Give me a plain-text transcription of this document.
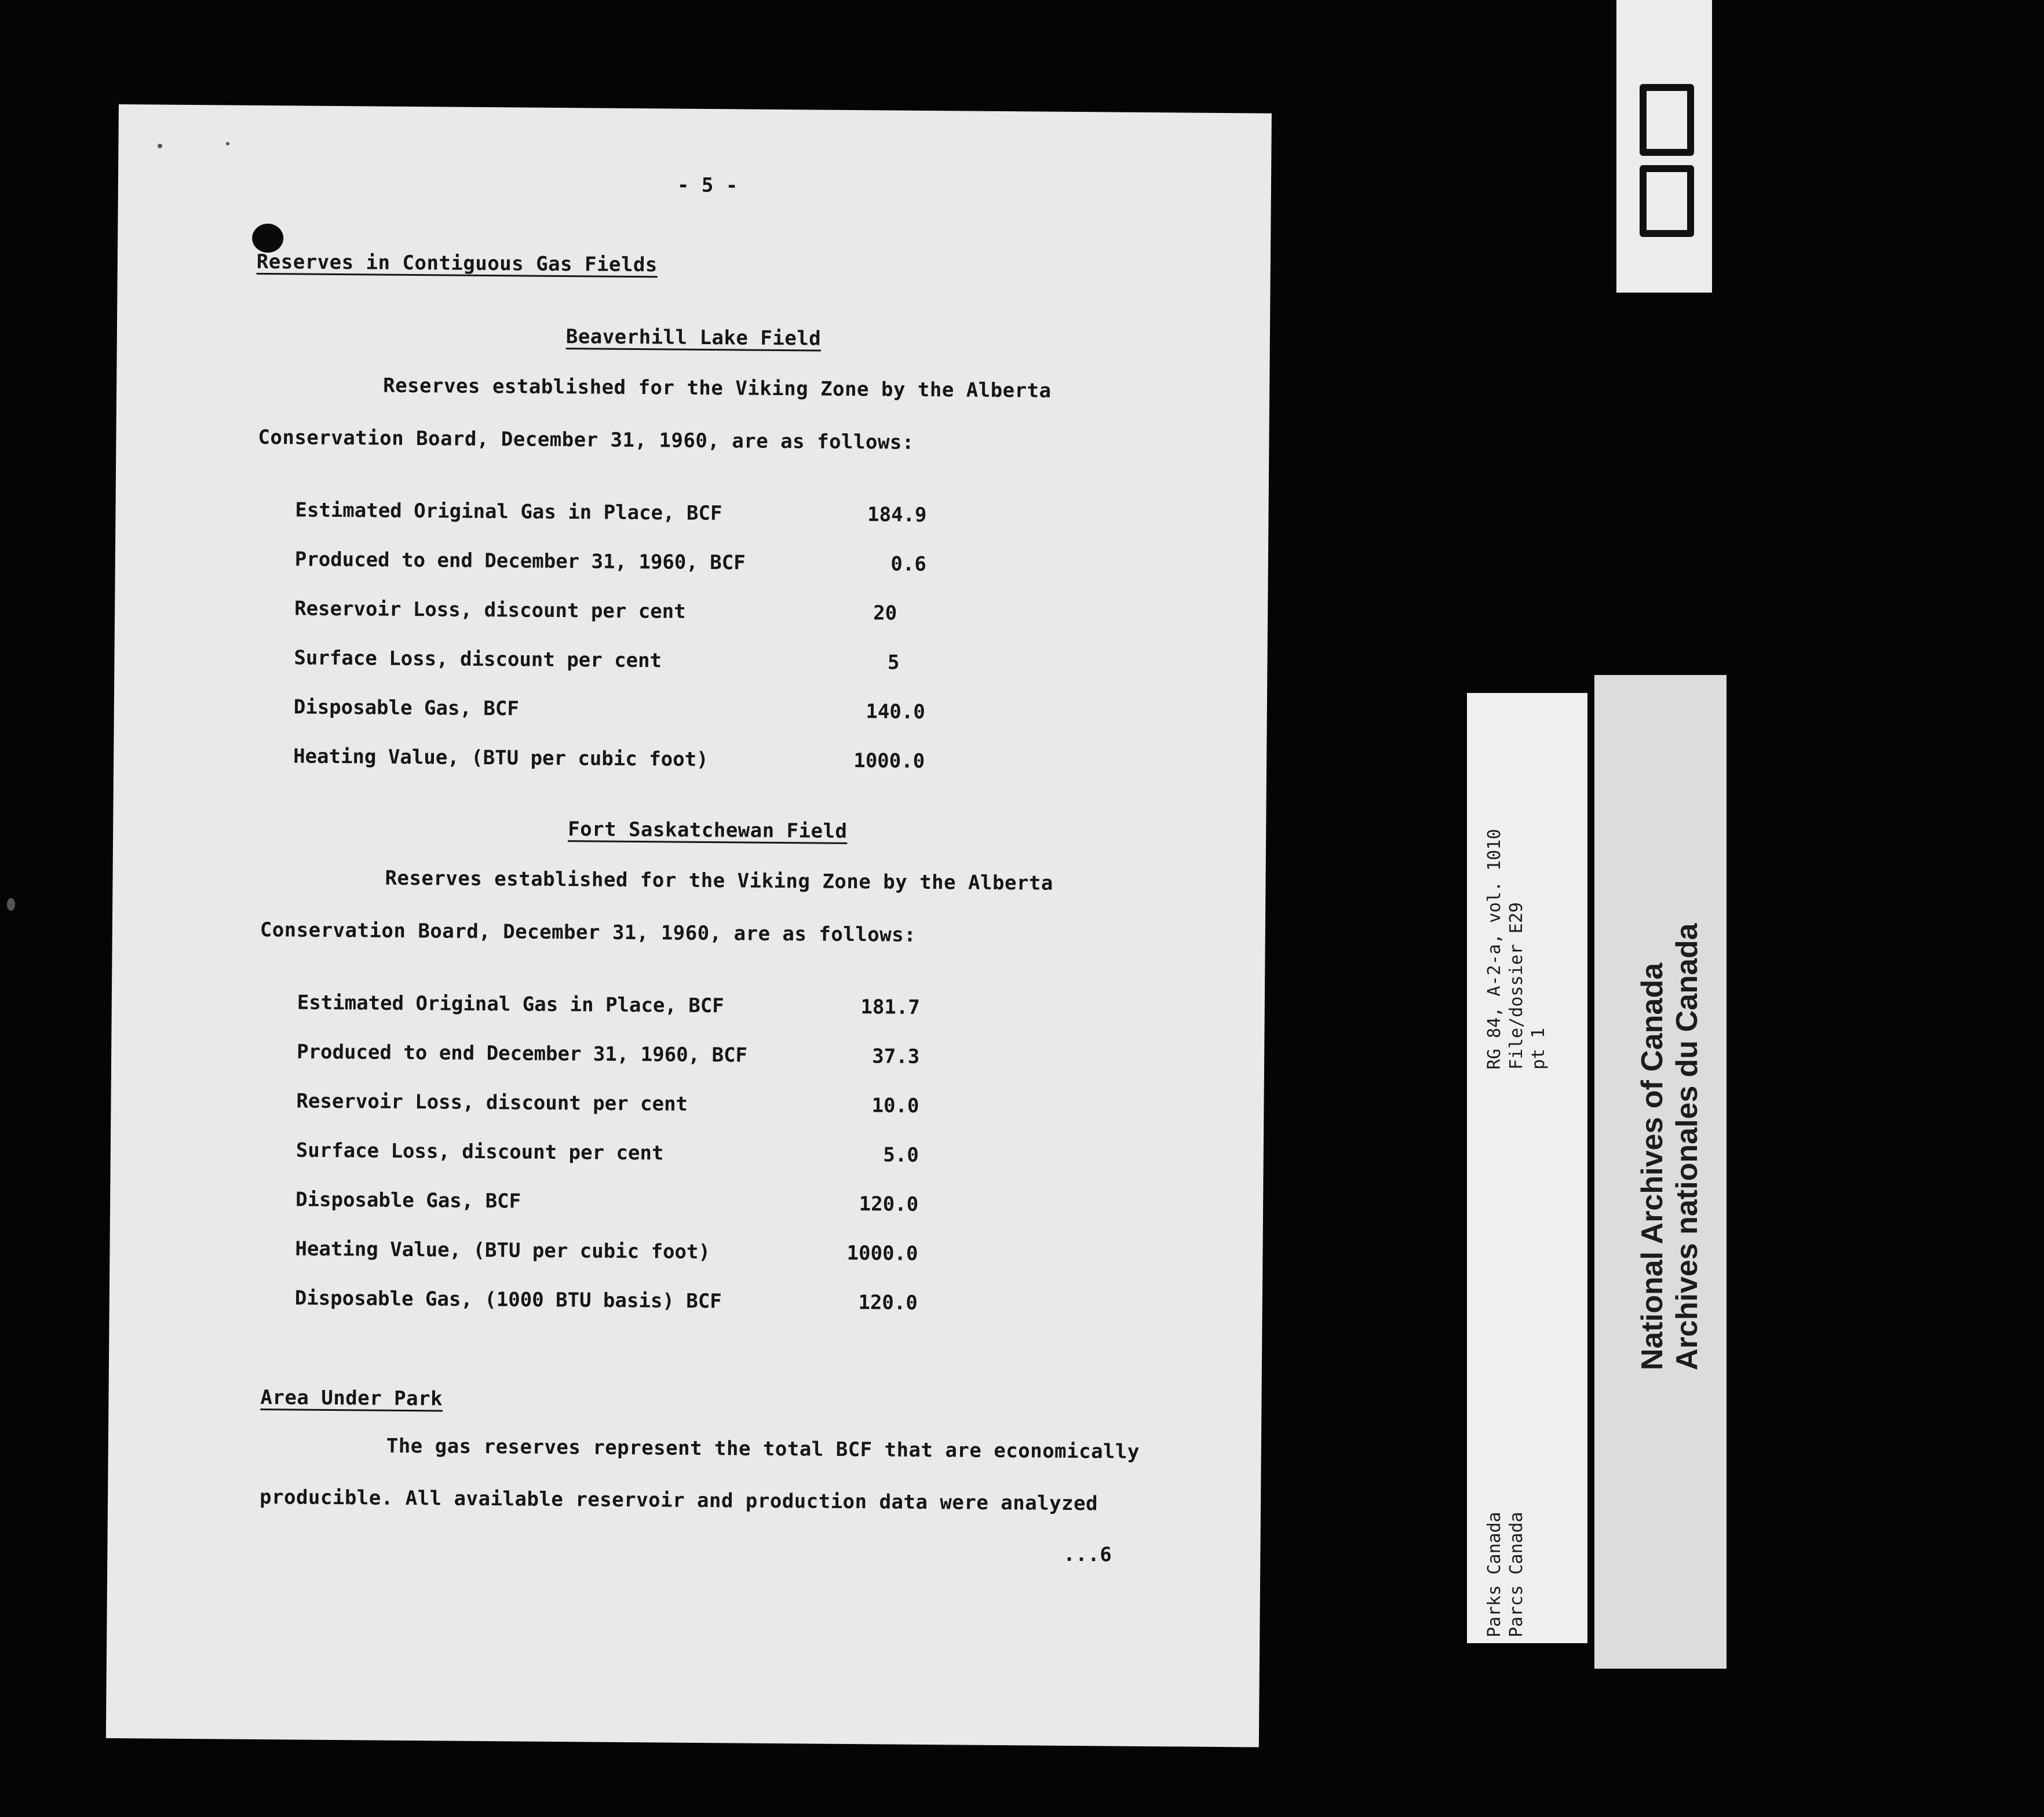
- 5 -
Reserves in Contiguous Gas Fields
Beaverhill Lake Field
Reserves established for the Viking Zone by the Alberta
Conservation Board, December 31, 1960, are as follows:
Estimated Original Gas in Place, BCF	184.9
Produced to end December 31, 1960, BCF	0.6
Reservoir Loss, discount per cent	20
Surface Loss, discount per cent	5
Disposable Gas, BCF	140.0
Heating Value, (BTU per cubic foot)	1000.0
Fort Saskatchewan Field
Reserves established for the Viking Zone by the Alberta
Conservation Board, December 31, 1960, are as follows:
Estimated Original Gas in Place, BCF	181.7
Produced to end December 31, 1960, BCF	37.3
Reservoir Loss, discount per cent	10.0
Surface Loss, discount per cent	5.0
Disposable Gas, BCF	120.0
Heating Value, (BTU per cubic foot)	1000.0
Disposable Gas, (1000 BTU basis) BCF	120.0
Area Under Park
The gas reserves represent the total BCF that are economically
producible. All available reservoir and production data were analyzed
...6
RG 84, A-2-a, vol. 1010 File/dossier E29 pt 1
Parks Canada Parcs Canada
National Archives of Canada Archives nationales du Canada
